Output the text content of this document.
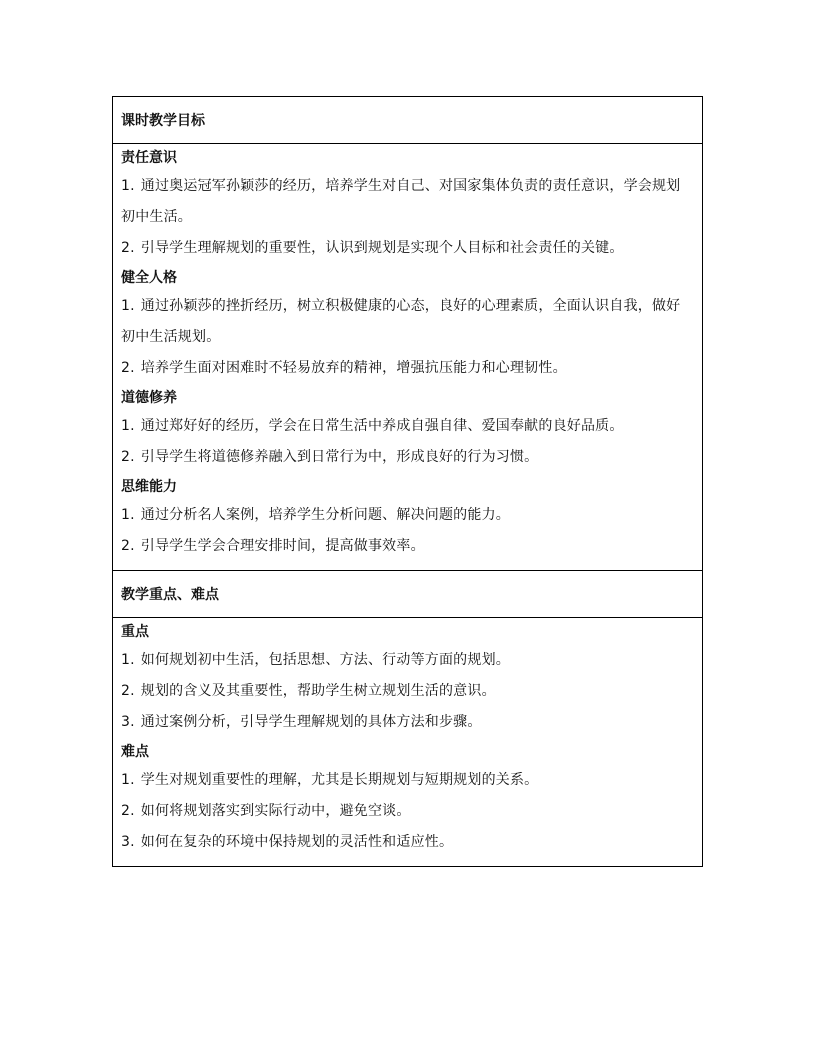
课时教学目标
责任意识
1. 通过奥运冠军孙颖莎的经历，培养学生对自己、对国家集体负责的责任意识，学会规划初中生活。
2. 引导学生理解规划的重要性，认识到规划是实现个人目标和社会责任的关键。
健全人格
1. 通过孙颖莎的挫折经历，树立积极健康的心态，良好的心理素质，全面认识自我，做好初中生活规划。
2. 培养学生面对困难时不轻易放弃的精神，增强抗压能力和心理韧性。
道德修养
1. 通过郑好好的经历，学会在日常生活中养成自强自律、爱国奉献的良好品质。
2. 引导学生将道德修养融入到日常行为中，形成良好的行为习惯。
思维能力
1. 通过分析名人案例，培养学生分析问题、解决问题的能力。
2. 引导学生学会合理安排时间，提高做事效率。
教学重点、难点
重点
1. 如何规划初中生活，包括思想、方法、行动等方面的规划。
2. 规划的含义及其重要性，帮助学生树立规划生活的意识。
3. 通过案例分析，引导学生理解规划的具体方法和步骤。
难点
1. 学生对规划重要性的理解，尤其是长期规划与短期规划的关系。
2. 如何将规划落实到实际行动中，避免空谈。
3. 如何在复杂的环境中保持规划的灵活性和适应性。
